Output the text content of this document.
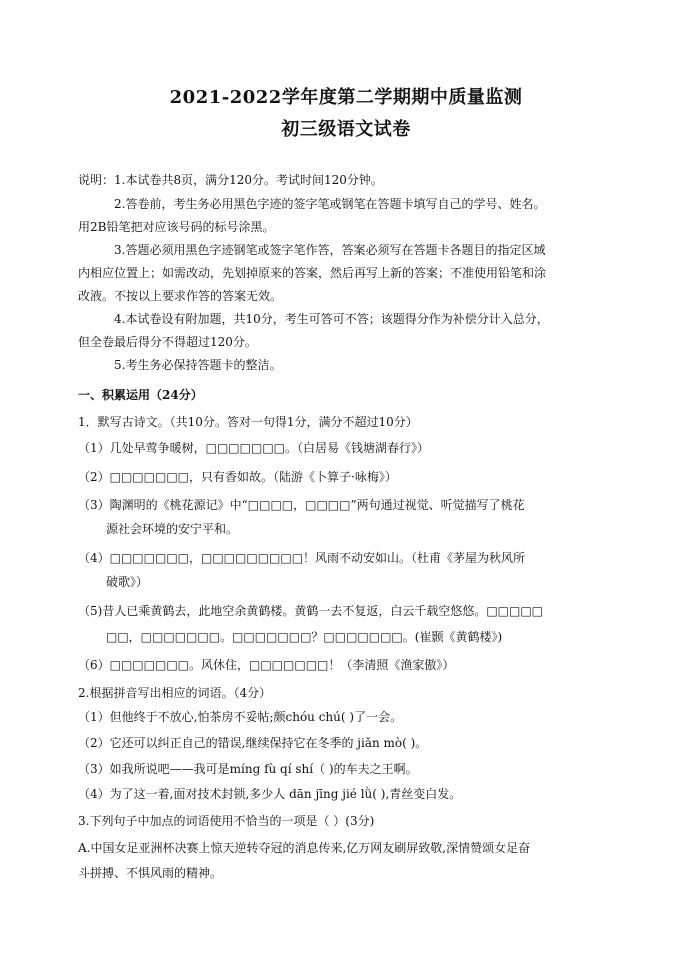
2021-2022学年度第二学期期中质量监测
初三级语文试卷
说明：1.本试卷共8页，满分120分。考试时间120分钟。
2.答卷前，考生务必用黑色字迹的签字笔或钢笔在答题卡填写自己的学号、姓名。
用2B铅笔把对应该号码的标号涂黑。
3.答题必须用黑色字迹钢笔或签字笔作答，答案必须写在答题卡各题目的指定区域
内相应位置上；如需改动，先划掉原来的答案，然后再写上新的答案；不准使用铅笔和涂
改液。不按以上要求作答的答案无效。
4.本试卷设有附加题，共10分，考生可答可不答；该题得分作为补偿分计入总分，
但全卷最后得分不得超过120分。
5.考生务必保持答题卡的整洁。
一、积累运用（24分）
1．默写古诗文。（共10分。答对一句得1分，满分不超过10分）
（1）几处早莺争暖树，□□□□□□□。（白居易《钱塘湖春行》）
（2）□□□□□□□，只有香如故。（陆游《卜算子·咏梅》）
（3）陶渊明的《桃花源记》中“□□□□，□□□□”两句通过视觉、听觉描写了桃花
源社会环境的安宁平和。
（4）□□□□□□□，□□□□□□□□□！风雨不动安如山。（杜甫《茅屋为秋风所
破歌》）
（5)昔人已乘黄鹤去，此地空余黄鹤楼。黄鹤一去不复返，白云千载空悠悠。□□□□□
□□，□□□□□□□。□□□□□□□？□□□□□□□。(崔颢《黄鹤楼》)
（6）□□□□□□□。风休住，□□□□□□□！（李清照《渔家傲》）
2.根据拼音写出相应的词语。（4分）
（1）但他终于不放心,怕茶房不妥帖;颇chóu chú( )了一会。
（2）它还可以纠正自己的错误,继续保持它在冬季的 jiǎn mò( )。
（3）如我所说吧——我可是míng fù qí shí（ )的车夫之王啊。
（4）为了这一着,面对技术封锁,多少人 dān jīng jié lǜ( ),青丝变白发。
3.下列句子中加点的词语使用不恰当的一项是（ ）(3分)
A.中国女足亚洲杯决赛上惊天逆转夺冠的消息传来,亿万网友刷屏致敬,深情赞颂女足奋
斗拼搏、不惧风雨的精神。
